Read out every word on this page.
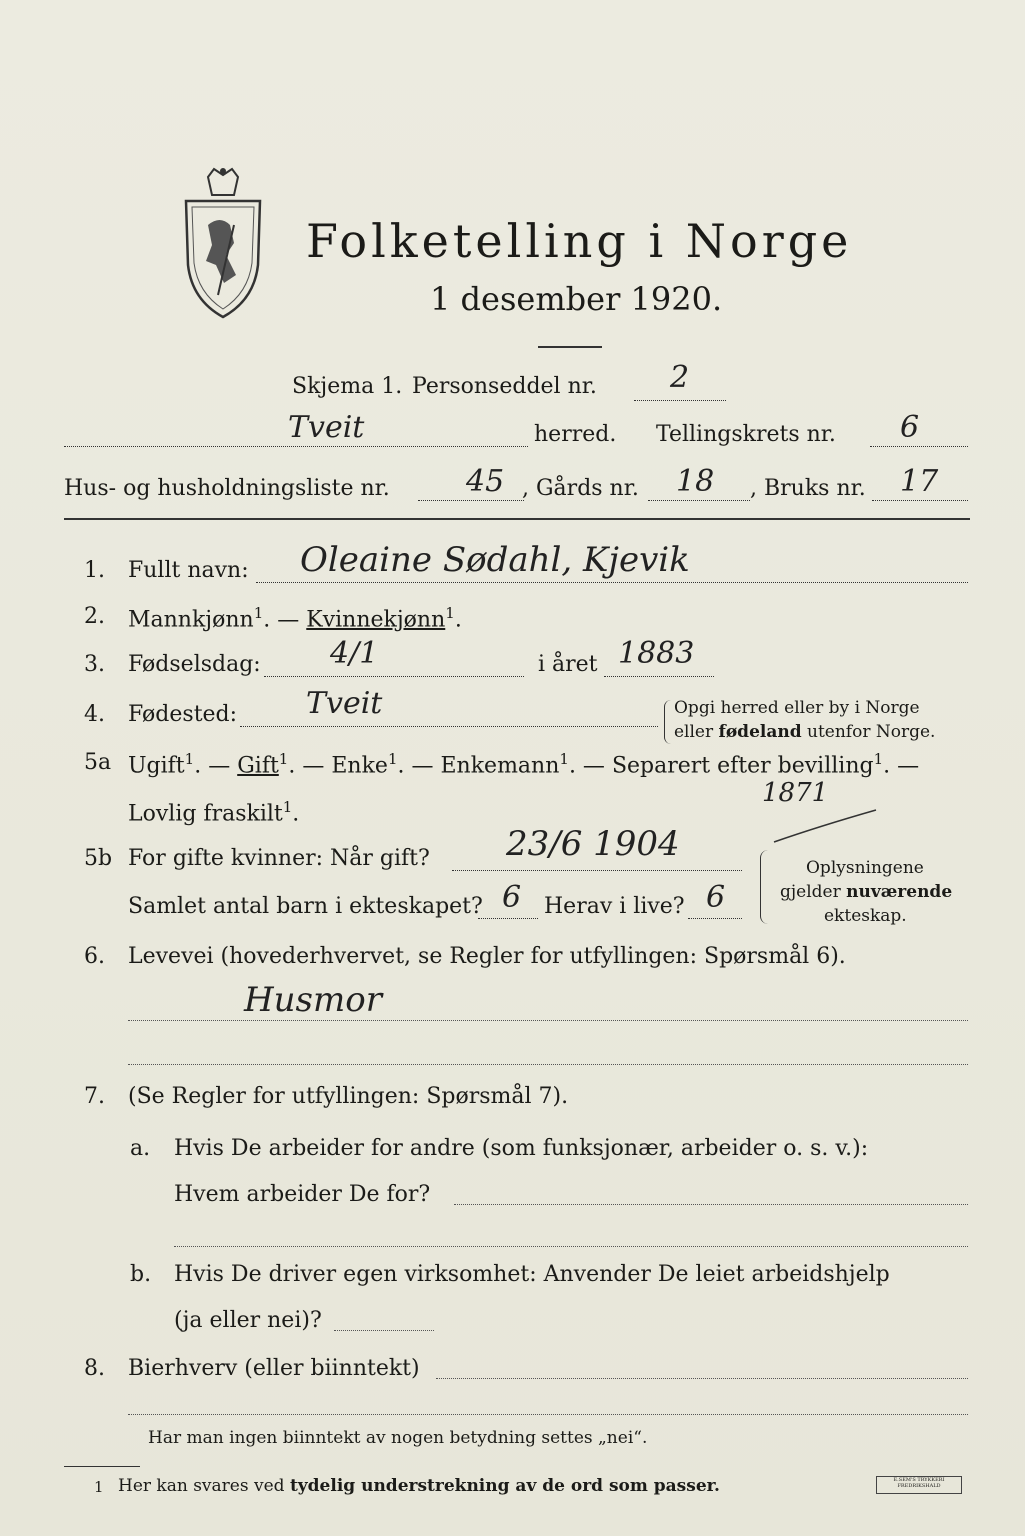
Folketelling i Norge
1 desember 1920.
Skjema 1. Personseddel nr. 2
Tveit	herred. Tellingskrets nr. 6
Hus- og husholdningsliste nr.	45 , Gårds nr. 18 , Bruks nr. 17
1. Fullt navn: Oleaine Sødahl, Kjevik
2. Mannkjønn$^1$. — Kvinnekjønn$^1$.
3. Fødselsdag: 4/1	i året 1883
4. Fødested: Tveit	Opgi herred eller by i Norge
eller fødeland utenfor Norge.
5a Ugift$^1$. — Gift$^1$. — Enke$^1$. — Enkemann$^1$. — Separert efter bevilling$^1$. —
Lovlig fraskilt$^1$.
1871
5b For gifte kvinner: Når gift? 23/6 1904
Samlet antal barn i ekteskapet? 6 Herav i live? 6
Oplysningene
gjelder nuværende
ekteskap.
6. Levevei (hovederhvervet, se Regler for utfyllingen: Spørsmål 6).
Husmor
7. (Se Regler for utfyllingen: Spørsmål 7).
a. Hvis De arbeider for andre (som funksjonær, arbeider o. s. v.):
Hvem arbeider De for?
b. Hvis De driver egen virksomhet: Anvender De leiet arbeidshjelp
(ja eller nei)?
8. Bierhverv (eller biinntekt)
Har man ingen biinntekt av nogen betydning settes „nei“.
1 Her kan svares ved tydelig understrekning av de ord som passer.	E.SEM'S TRYKKERI FREDRIKSHALD
